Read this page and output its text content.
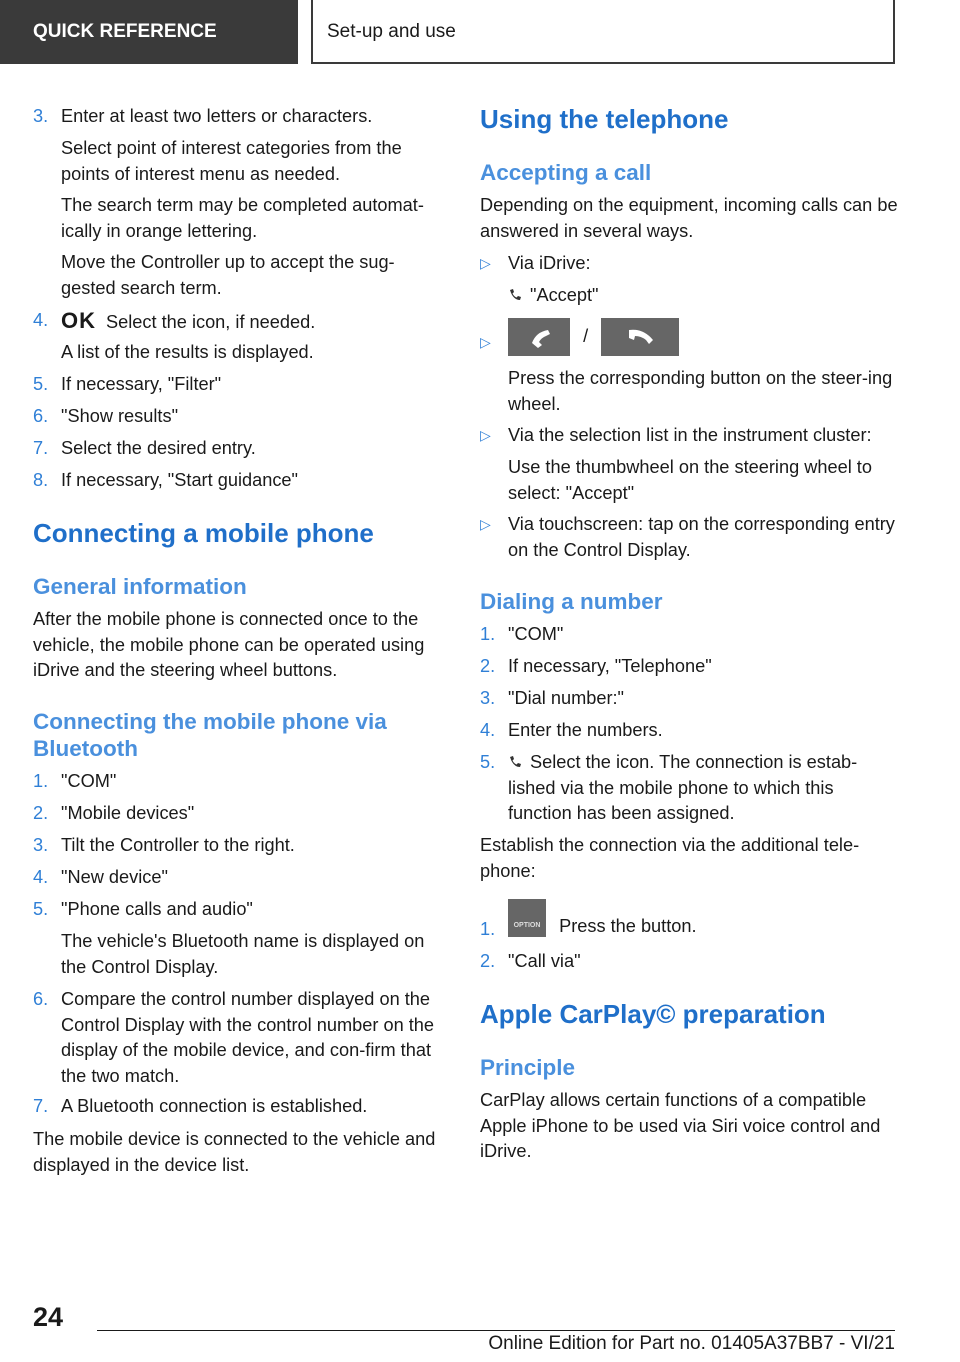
QUICK REFERENCE	Set-up and use
3. Enter at least two letters or characters.
Select point of interest categories from the points of interest menu as needed.
The search term may be completed automat‐ically in orange lettering.
Move the Controller up to accept the sug‐gested search term.
4. OK Select the icon, if needed.
A list of the results is displayed.
5. If necessary, "Filter"
6. "Show results"
7. Select the desired entry.
8. If necessary, "Start guidance"
Connecting a mobile phone
General information
After the mobile phone is connected once to the vehicle, the mobile phone can be operated using iDrive and the steering wheel buttons.
Connecting the mobile phone via Bluetooth
1. "COM"
2. "Mobile devices"
3. Tilt the Controller to the right.
4. "New device"
5. "Phone calls and audio"
The vehicle's Bluetooth name is displayed on the Control Display.
6. Compare the control number displayed on the Control Display with the control number on the display of the mobile device, and con‐firm that the two match.
7. A Bluetooth connection is established.
The mobile device is connected to the vehicle and displayed in the device list.
Using the telephone
Accepting a call
Depending on the equipment, incoming calls can be answered in several ways.
▷ Via iDrive:
"Accept"
▷	/
Press the corresponding button on the steer‐ing wheel.
▷ Via the selection list in the instrument cluster:
Use the thumbwheel on the steering wheel to select: "Accept"
▷ Via touchscreen: tap on the corresponding entry on the Control Display.
Dialing a number
1. "COM"
2. If necessary, "Telephone"
3. "Dial number:"
4. Enter the numbers.
5.	Select the icon. The connection is estab‐lished via the mobile phone to which this function has been assigned.
Establish the connection via the additional tele‐phone:
1.	OPTION	Press the button.
2. "Call via"
Apple CarPlay© preparation
Principle
CarPlay allows certain functions of a compatible Apple iPhone to be used via Siri voice control and iDrive.
24
Online Edition for Part no. 01405A37BB7 - VI/21
